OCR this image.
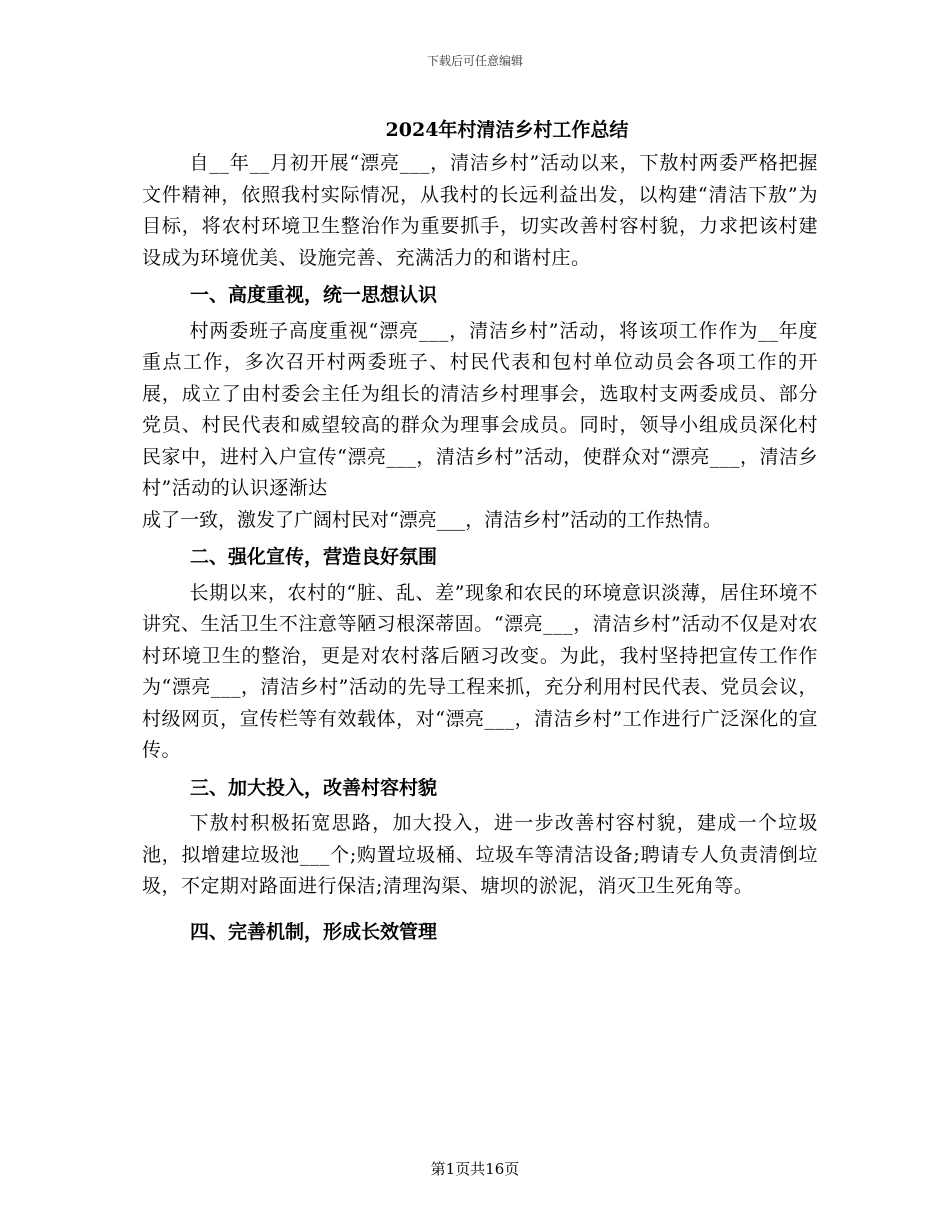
下载后可任意编辑
2024年村清洁乡村工作总结

自__年__月初开展“漂亮___，清洁乡村”活动以来，下敖村两委严格把握文件精神，依照我村实际情况，从我村的长远利益出发，以构建“清洁下敖”为目标，将农村环境卫生整治作为重要抓手，切实改善村容村貌，力求把该村建设成为环境优美、设施完善、充满活力的和谐村庄。

一、高度重视，统一思想认识

村两委班子高度重视“漂亮___，清洁乡村”活动，将该项工作作为__年度重点工作，多次召开村两委班子、村民代表和包村单位动员会各项工作的开展，成立了由村委会主任为组长的清洁乡村理事会，选取村支两委成员、部分党员、村民代表和威望较高的群众为理事会成员。同时，领导小组成员深化村民家中，进村入户宣传“漂亮___，清洁乡村”活动，使群众对“漂亮___，清洁乡村”活动的认识逐渐达

成了一致，激发了广阔村民对“漂亮___，清洁乡村”活动的工作热情。

二、强化宣传，营造良好氛围

长期以来，农村的“脏、乱、差”现象和农民的环境意识淡薄，居住环境不讲究、生活卫生不注意等陋习根深蒂固。“漂亮___，清洁乡村”活动不仅是对农村环境卫生的整治，更是对农村落后陋习改变。为此，我村坚持把宣传工作作为“漂亮___，清洁乡村”活动的先导工程来抓，充分利用村民代表、党员会议，村级网页，宣传栏等有效载体，对“漂亮___，清洁乡村”工作进行广泛深化的宣传。

三、加大投入，改善村容村貌

下敖村积极拓宽思路，加大投入，进一步改善村容村貌，建成一个垃圾池，拟增建垃圾池___个;购置垃圾桶、垃圾车等清洁设备;聘请专人负责清倒垃圾，不定期对路面进行保洁;清理沟渠、塘坝的淤泥，消灭卫生死角等。

四、完善机制，形成长效管理
第1页共16页
